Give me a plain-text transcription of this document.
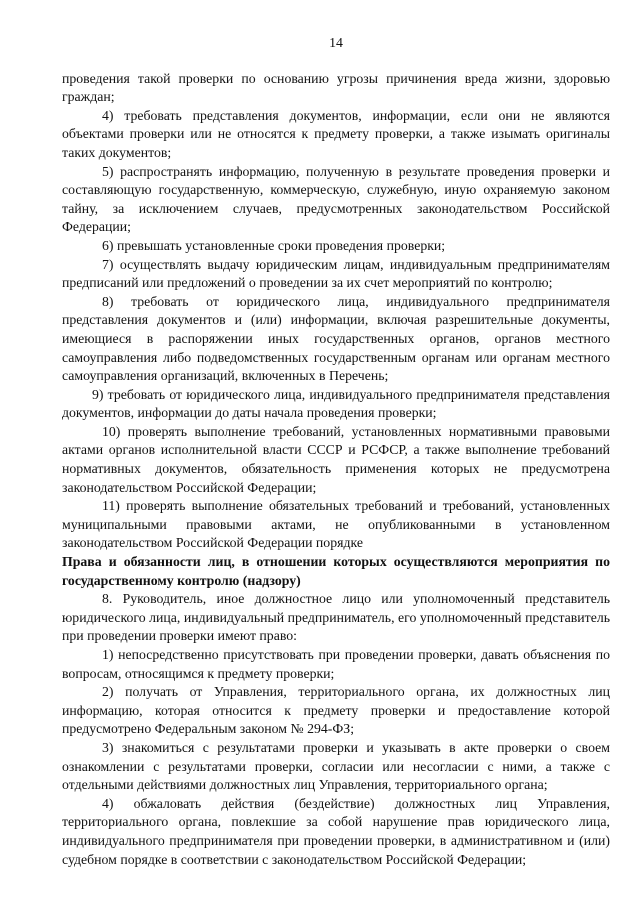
14

проведения такой проверки по основанию угрозы причинения вреда жизни, здоровью граждан;

4) требовать представления документов, информации, если они не являются объектами проверки или не относятся к предмету проверки, а также изымать оригиналы таких документов;

5) распространять информацию, полученную в результате проведения проверки и составляющую государственную, коммерческую, служебную, иную охраняемую законом тайну, за исключением случаев, предусмотренных законодательством Российской Федерации;

6) превышать установленные сроки проведения проверки;

7) осуществлять выдачу юридическим лицам, индивидуальным предпринимателям предписаний или предложений о проведении за их счет мероприятий по контролю;

8) требовать от юридического лица, индивидуального предпринимателя представления документов и (или) информации, включая разрешительные документы, имеющиеся в распоряжении иных государственных органов, органов местного самоуправления либо подведомственных государственным органам или органам местного самоуправления организаций, включенных в Перечень;

9) требовать от юридического лица, индивидуального предпринимателя представления документов, информации до даты начала проведения проверки;

10) проверять выполнение требований, установленных нормативными правовыми актами органов исполнительной власти СССР и РСФСР, а также выполнение требований нормативных документов, обязательность применения которых не предусмотрена законодательством Российской Федерации;

11) проверять выполнение обязательных требований и требований, установленных муниципальными правовыми актами, не опубликованными в установленном законодательством Российской Федерации порядке

Права и обязанности лиц, в отношении которых осуществляются мероприятия по государственному контролю (надзору)

8. Руководитель, иное должностное лицо или уполномоченный представитель юридического лица, индивидуальный предприниматель, его уполномоченный представитель при проведении проверки имеют право:

1) непосредственно присутствовать при проведении проверки, давать объяснения по вопросам, относящимся к предмету проверки;

2) получать от Управления, территориального органа, их должностных лиц информацию, которая относится к предмету проверки и предоставление которой предусмотрено Федеральным законом № 294-ФЗ;

3) знакомиться с результатами проверки и указывать в акте проверки о своем ознакомлении с результатами проверки, согласии или несогласии с ними, а также с отдельными действиями должностных лиц Управления, территориального органа;

4) обжаловать действия (бездействие) должностных лиц Управления, территориального органа, повлекшие за собой нарушение прав юридического лица, индивидуального предпринимателя при проведении проверки, в административном и (или) судебном порядке в соответствии с законодательством Российской Федерации;
